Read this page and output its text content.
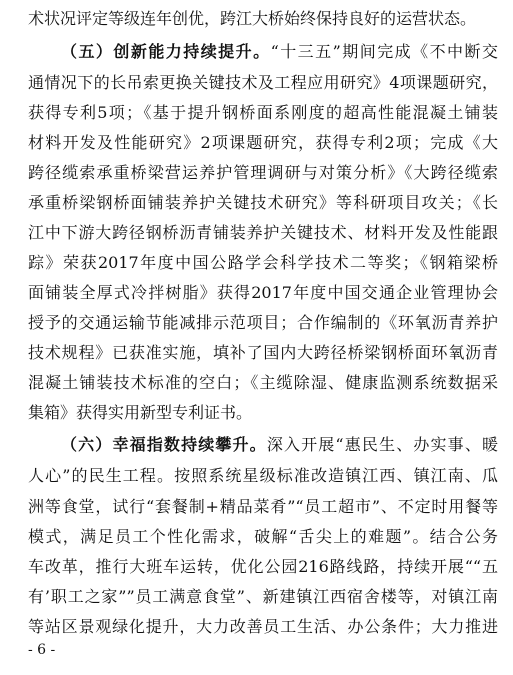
术状况评定等级连年创优，跨江大桥始终保持良好的运营状态。
（五）创新能力持续提升。“十三五”期间完成《不中断交
通情况下的长吊索更换关键技术及工程应用研究》4项课题研究，
获得专利5项；《基于提升钢桥面系刚度的超高性能混凝土铺装
材料开发及性能研究》2项课题研究，获得专利2项；完成《大
跨径缆索承重桥梁营运养护管理调研与对策分析》《大跨径缆索
承重桥梁钢桥面铺装养护关键技术研究》等科研项目攻关；《长
江中下游大跨径钢桥沥青铺装养护关键技术、材料开发及性能跟
踪》荣获2017年度中国公路学会科学技术二等奖；《钢箱梁桥
面铺装全厚式冷拌树脂》获得2017年度中国交通企业管理协会
授予的交通运输节能减排示范项目；合作编制的《环氧沥青养护
技术规程》已获准实施，填补了国内大跨径桥梁钢桥面环氧沥青
混凝土铺装技术标准的空白；《主缆除湿、健康监测系统数据采
集箱》获得实用新型专利证书。
（六）幸福指数持续攀升。深入开展“惠民生、办实事、暖
人心”的民生工程。按照系统星级标准改造镇江西、镇江南、瓜
洲等食堂，试行“套餐制+精品菜肴”“员工超市”、不定时用餐等
模式，满足员工个性化需求，破解“舌尖上的难题”。结合公务
车改革，推行大班车运转，优化公园216路线路，持续开展““五
有’职工之家””员工满意食堂”、新建镇江西宿舍楼等，对镇江南
等站区景观绿化提升，大力改善员工生活、办公条件；大力推进
- 6 -
